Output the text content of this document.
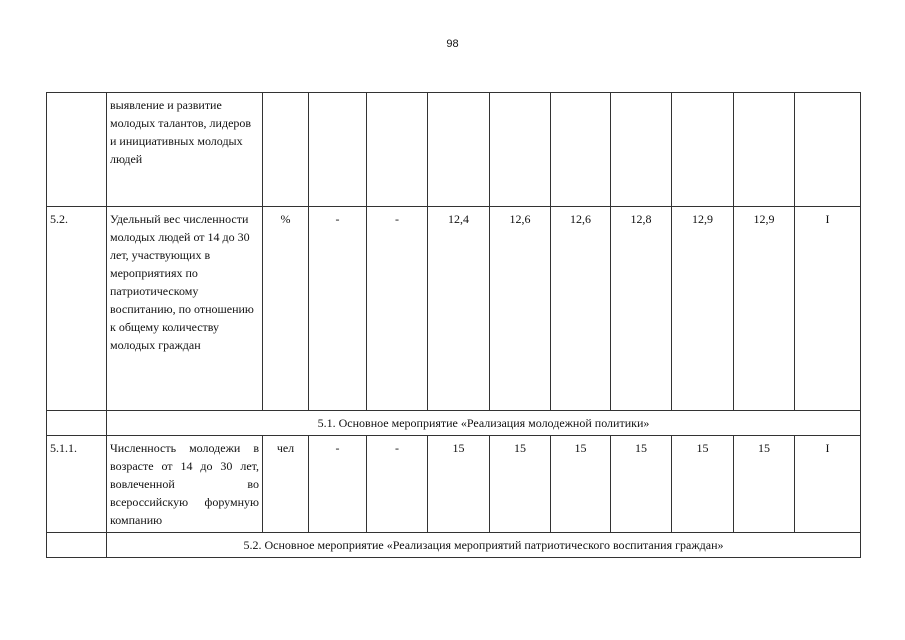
98
	выявление и развитие молодых талантов, лидеров и инициативных молодых людей										
5.2.	Удельный вес численности молодых людей от 14 до 30 лет, участвующих в мероприятиях по патриотическому воспитанию, по отношению к общему количеству молодых граждан	%	-	-	12,4	12,6	12,6	12,8	12,9	12,9	I
	5.1. Основное мероприятие «Реализация молодежной политики»										
5.1.1.	Численность молодежи в возрасте от 14 до 30 лет, вовлеченной во всероссийскую форумную компанию	чел	-	-	15	15	15	15	15	15	I
	5.2. Основное мероприятие «Реализация мероприятий патриотического воспитания граждан»										
